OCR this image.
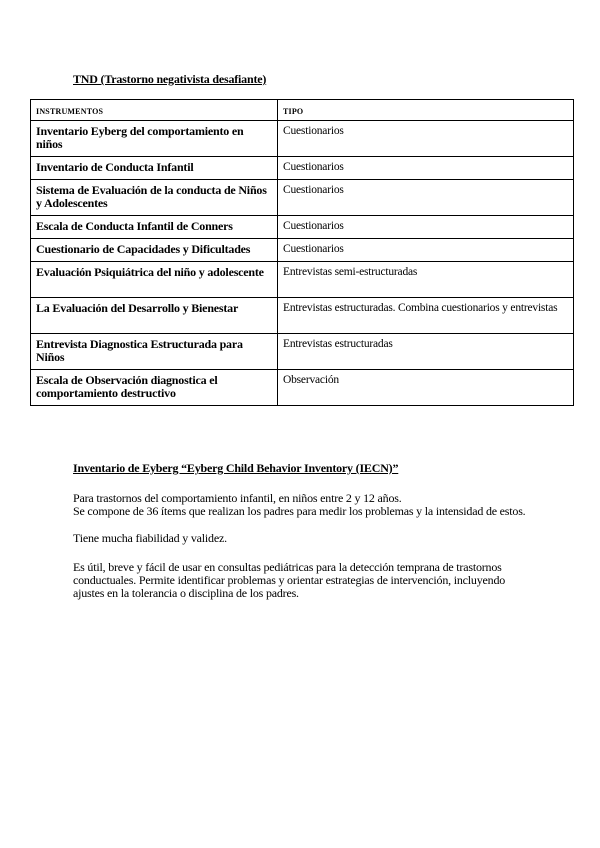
TND (Trastorno negativista desafiante)
INSTRUMENTOS	TIPO
Inventario Eyberg del comportamiento en niños	Cuestionarios
Inventario de Conducta Infantil	Cuestionarios
Sistema de Evaluación de la conducta de Niños y Adolescentes	Cuestionarios
Escala de Conducta Infantil de Conners	Cuestionarios
Cuestionario de Capacidades y Dificultades	Cuestionarios
Evaluación Psiquiátrica del niño y adolescente	Entrevistas semi-estructuradas
La Evaluación del Desarrollo y Bienestar	Entrevistas estructuradas. Combina cuestionarios y entrevistas
Entrevista Diagnostica Estructurada para Niños	Entrevistas estructuradas
Escala de Observación diagnostica el comportamiento destructivo	Observación
Inventario de Eyberg “Eyberg Child Behavior Inventory (IECN)”
Para trastornos del comportamiento infantil, en niños entre 2 y 12 años.
Se compone de 36 ítems que realizan los padres para medir los problemas y la intensidad de estos.
Tiene mucha fiabilidad y validez.
Es útil, breve y fácil de usar en consultas pediátricas para la detección temprana de trastornos conductuales. Permite identificar problemas y orientar estrategias de intervención, incluyendo ajustes en la tolerancia o disciplina de los padres.
